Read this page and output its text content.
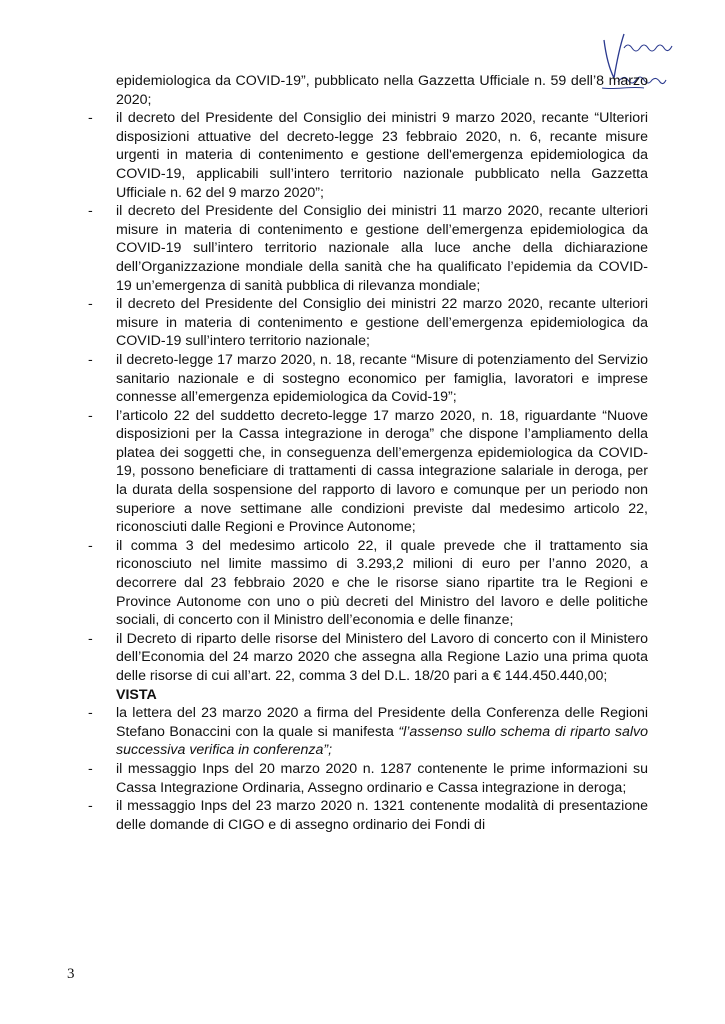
epidemiologica da COVID-19”, pubblicato nella Gazzetta Ufficiale n. 59 dell’8 marzo 2020;
- il decreto del Presidente del Consiglio dei ministri 9 marzo 2020, recante “Ulteriori disposizioni attuative del decreto-legge 23 febbraio 2020, n. 6, recante misure urgenti in materia di contenimento e gestione dell'emergenza epidemiologica da COVID-19, applicabili sull’intero territorio nazionale pubblicato nella Gazzetta Ufficiale n. 62 del 9 marzo 2020”;
- il decreto del Presidente del Consiglio dei ministri 11 marzo 2020, recante ulteriori misure in materia di contenimento e gestione dell’emergenza epidemiologica da COVID-19 sull’intero territorio nazionale alla luce anche della dichiarazione dell’Organizzazione mondiale della sanità che ha qualificato l’epidemia da COVID-19 un’emergenza di sanità pubblica di rilevanza mondiale;
- il decreto del Presidente del Consiglio dei ministri 22 marzo 2020, recante ulteriori misure in materia di contenimento e gestione dell’emergenza epidemiologica da COVID-19 sull’intero territorio nazionale;
- il decreto-legge 17 marzo 2020, n. 18, recante “Misure di potenziamento del Servizio sanitario nazionale e di sostegno economico per famiglia, lavoratori e imprese connesse all’emergenza epidemiologica da Covid-19”;
- l’articolo 22 del suddetto decreto-legge 17 marzo 2020, n. 18, riguardante “Nuove disposizioni per la Cassa integrazione in deroga” che dispone l’ampliamento della platea dei soggetti che, in conseguenza dell’emergenza epidemiologica da COVID-19, possono beneficiare di trattamenti di cassa integrazione salariale in deroga, per la durata della sospensione del rapporto di lavoro e comunque per un periodo non superiore a nove settimane alle condizioni previste dal medesimo articolo 22, riconosciuti dalle Regioni e Province Autonome;
- il comma 3 del medesimo articolo 22, il quale prevede che il trattamento sia riconosciuto nel limite massimo di 3.293,2 milioni di euro per l’anno 2020, a decorrere dal 23 febbraio 2020 e che le risorse siano ripartite tra le Regioni e Province Autonome con uno o più decreti del Ministro del lavoro e delle politiche sociali, di concerto con il Ministro dell’economia e delle finanze;
- il Decreto di riparto delle risorse del Ministero del Lavoro di concerto con il Ministero dell’Economia del 24 marzo 2020 che assegna alla Regione Lazio una prima quota delle risorse di cui all’art. 22, comma 3 del D.L. 18/20 pari a € 144.450.440,00;
VISTA
- la lettera del 23 marzo 2020 a firma del Presidente della Conferenza delle Regioni Stefano Bonaccini con la quale si manifesta “l’assenso sullo schema di riparto salvo successiva verifica in conferenza”;
- il messaggio Inps del 20 marzo 2020 n. 1287 contenente le prime informazioni su Cassa Integrazione Ordinaria, Assegno ordinario e Cassa integrazione in deroga;
- il messaggio Inps del 23 marzo 2020 n. 1321 contenente modalità di presentazione delle domande di CIGO e di assegno ordinario dei Fondi di
3
